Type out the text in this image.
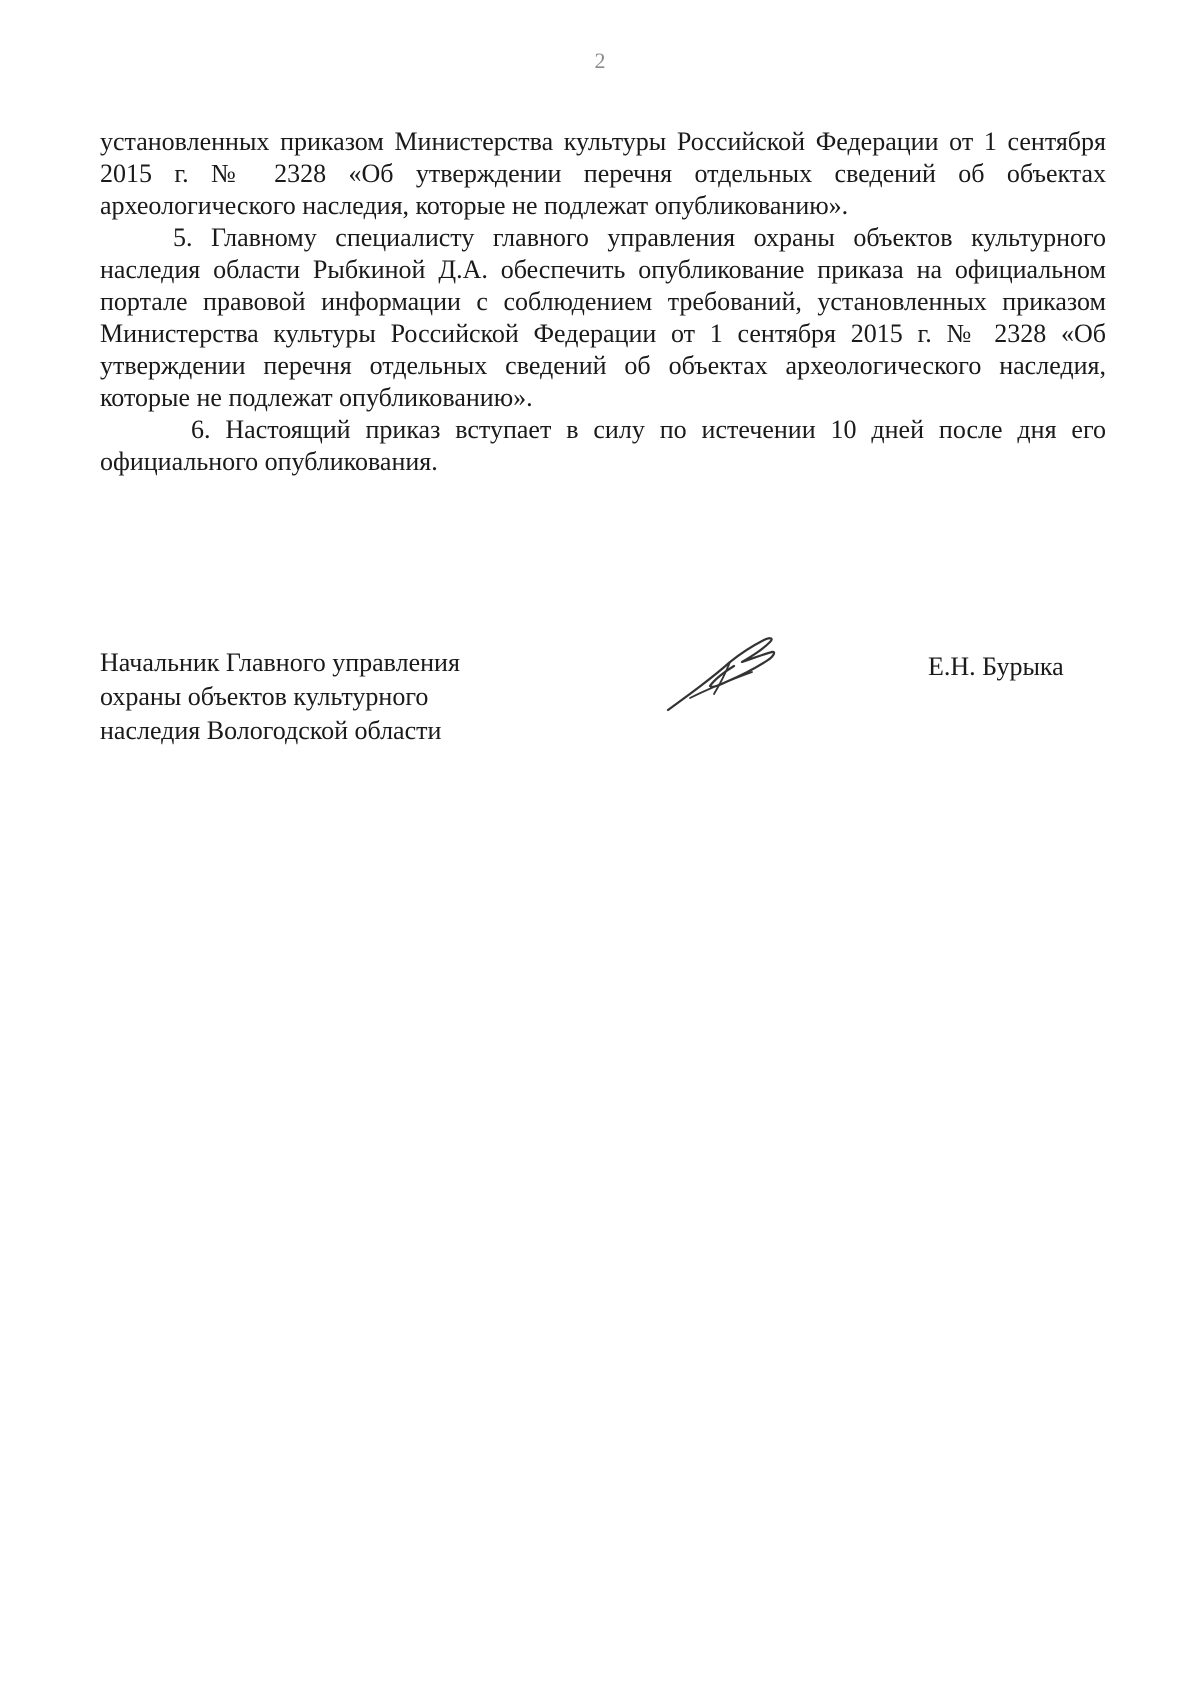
2

установленных приказом Министерства культуры Российской Федерации от 1 сентября 2015 г. № 2328 «Об утверждении перечня отдельных сведений об объектах археологического наследия, которые не подлежат опубликованию».

5. Главному специалисту главного управления охраны объектов культурного наследия области Рыбкиной Д.А. обеспечить опубликование приказа на официальном портале правовой информации с соблюдением требований, установленных приказом Министерства культуры Российской Федерации от 1 сентября 2015 г. № 2328 «Об утверждении перечня отдельных сведений об объектах археологического наследия, которые не подлежат опубликованию».

6. Настоящий приказ вступает в силу по истечении 10 дней после дня его официального опубликования.

Начальник Главного управления
охраны объектов культурного
наследия Вологодской области
Е.Н. Бурыка
